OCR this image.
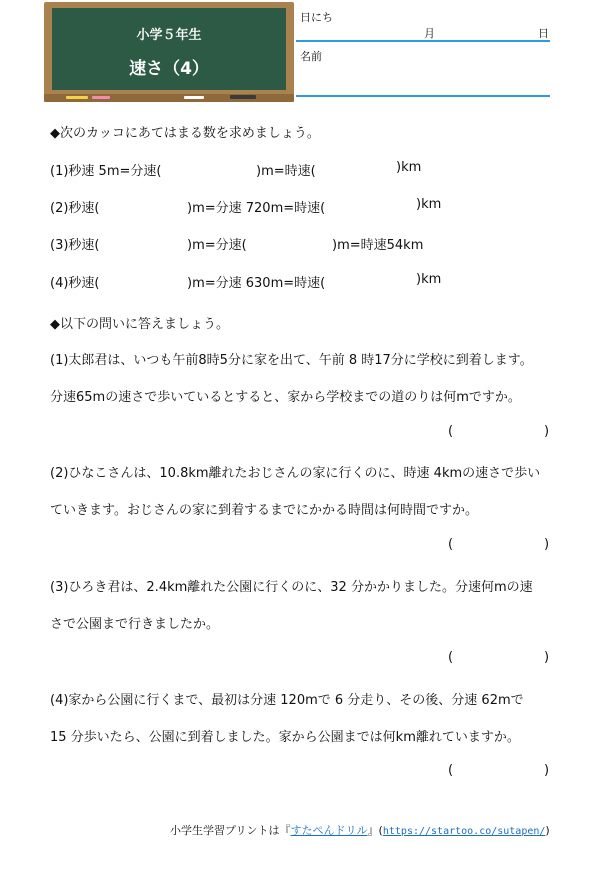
小学５年生
速さ（4）
日にち
月	日
名前
◆次のカッコにあてはまる数を求めましょう。
(1)秒速 5m=分速(	)m=時速(	)km
(2)秒速(	)m=分速 720m=時速(	)km
(3)秒速(	)m=分速(	)m=時速54km
(4)秒速(	)m=分速 630m=時速(	)km
◆以下の問いに答えましょう。
(1)太郎君は、いつも午前8時5分に家を出て、午前 8 時17分に学校に到着します。
分速65mの速さで歩いているとすると、家から学校までの道のりは何mですか。
(	)
(2)ひなこさんは、10.8km離れたおじさんの家に行くのに、時速 4kmの速さで歩い
ていきます。おじさんの家に到着するまでにかかる時間は何時間ですか。
(	)
(3)ひろき君は、2.4km離れた公園に行くのに、32 分かかりました。分速何mの速
さで公園まで行きましたか。
(	)
(4)家から公園に行くまで、最初は分速 120mで 6 分走り、その後、分速 62mで
15 分歩いたら、公園に到着しました。家から公園までは何km離れていますか。
(	)
小学生学習プリントは『すたぺんドリル』(https://startoo.co/sutapen/)
